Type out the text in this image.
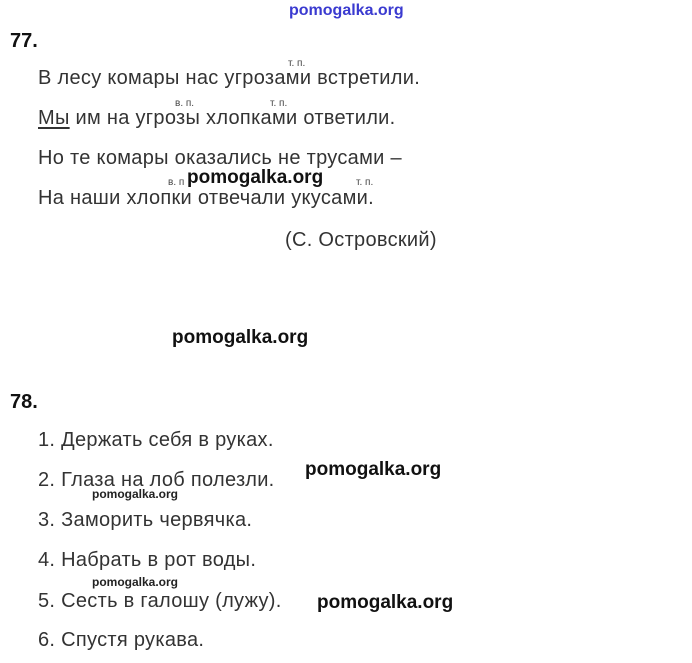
pomogalka.org
77.
т. п.
В лесу комары нас угрозами встретили.
в. п.	т. п.
Мы им на угрозы хлопками ответили.
Но те комары оказались не трусами –
в. п	т. п.
pomogalka.org
На наши хлопки отвечали укусами.
(С. Островский)
pomogalka.org
78.
1. Держать себя в руках.
2. Глаза на лоб полезли. pomogalka.org
pomogalka.org
3. Заморить червячка.
4. Набрать в рот воды.
pomogalka.org
5. Сесть в галошу (лужу). pomogalka.org
6. Спустя рукава.
